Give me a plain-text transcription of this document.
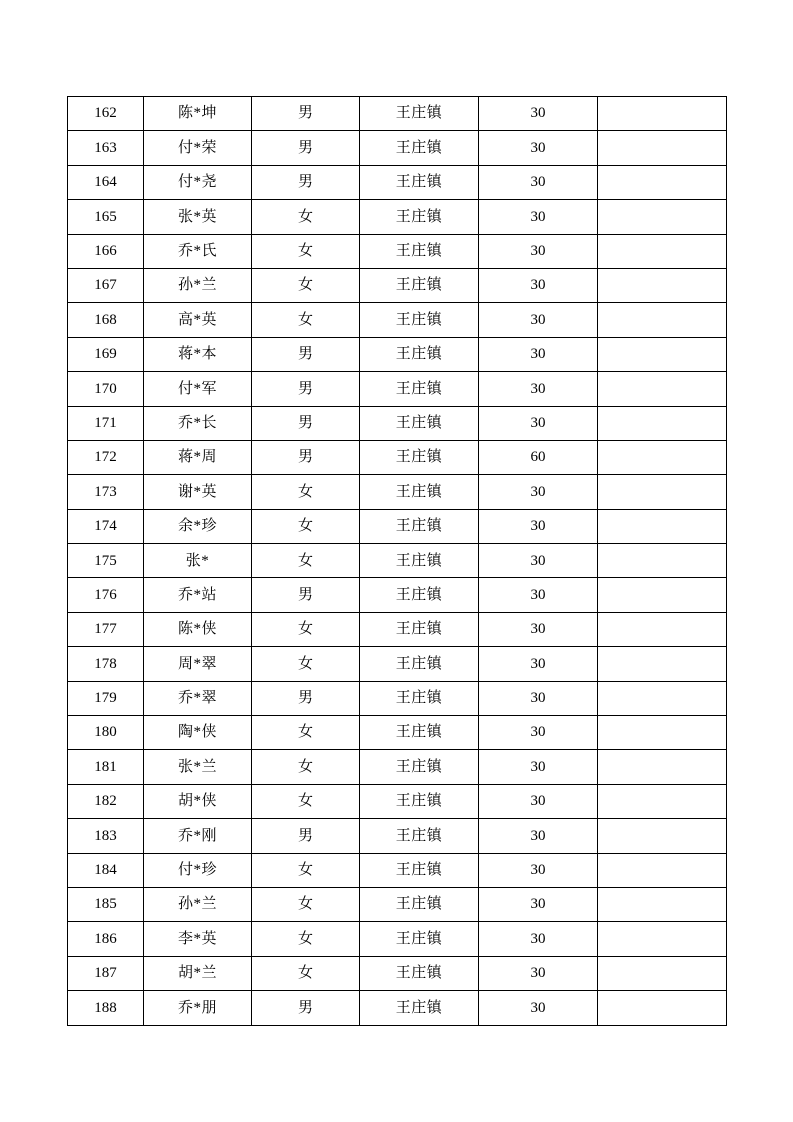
162	陈*坤	男	王庄镇	30	
163	付*荣	男	王庄镇	30	
164	付*尧	男	王庄镇	30	
165	张*英	女	王庄镇	30	
166	乔*氏	女	王庄镇	30	
167	孙*兰	女	王庄镇	30	
168	高*英	女	王庄镇	30	
169	蒋*本	男	王庄镇	30	
170	付*军	男	王庄镇	30	
171	乔*长	男	王庄镇	30	
172	蒋*周	男	王庄镇	60	
173	谢*英	女	王庄镇	30	
174	余*珍	女	王庄镇	30	
175	张*	女	王庄镇	30	
176	乔*站	男	王庄镇	30	
177	陈*侠	女	王庄镇	30	
178	周*翠	女	王庄镇	30	
179	乔*翠	男	王庄镇	30	
180	陶*侠	女	王庄镇	30	
181	张*兰	女	王庄镇	30	
182	胡*侠	女	王庄镇	30	
183	乔*刚	男	王庄镇	30	
184	付*珍	女	王庄镇	30	
185	孙*兰	女	王庄镇	30	
186	李*英	女	王庄镇	30	
187	胡*兰	女	王庄镇	30	
188	乔*朋	男	王庄镇	30	
